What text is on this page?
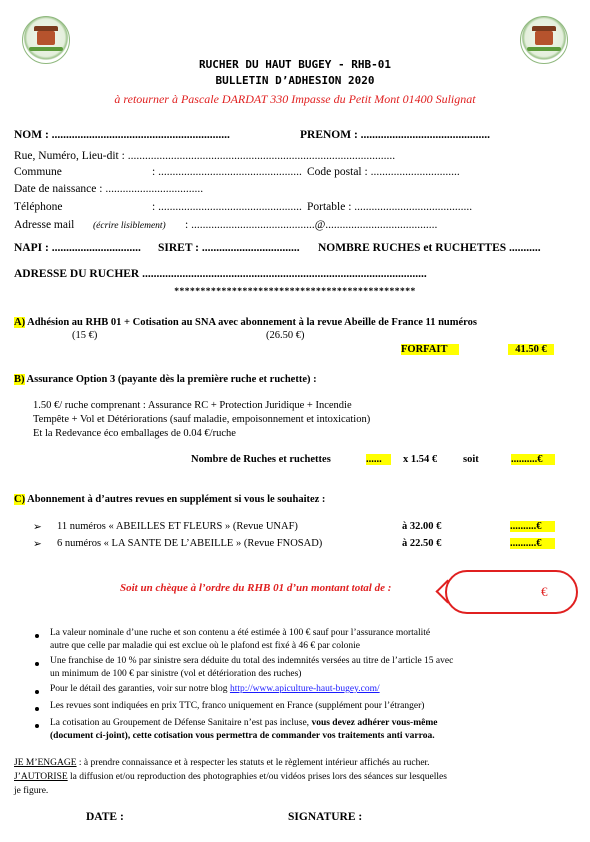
RUCHER DU HAUT BUGEY - RHB-01
BULLETIN D’ADHESION 2020
à retourner à Pascale DARDAT 330 Impasse du Petit Mont 01400 Sulignat
NOM : ..............................................................	PRENOM : .............................................
Rue, Numéro, Lieu-dit : .............................................................................................
Commune	: .................................................. Code postal : ...............................
Date de naissance : ..................................
Téléphone	: .................................................. Portable : .........................................
Adresse mail (écrire lisiblement) : ...........................................@.......................................
NAPI : ............................... SIRET : .................................. NOMBRE RUCHES et RUCHETTES ...........
ADRESSE DU RUCHER ...................................................................................................
**********************************************
A) Adhésion au RHB 01 + Cotisation au SNA avec abonnement à la revue Abeille de France 11 numéros
(15 €)	(26.50 €)
FORFAIT	41.50 €
B) Assurance Option 3 (payante dès la première ruche et ruchette) :
1.50 €/ ruche comprenant : Assurance RC + Protection Juridique + Incendie
Tempête + Vol et Détériorations (sauf maladie, empoisonnement et intoxication)
Et la Redevance éco emballages de 0.04 €/ruche
Nombre de Ruches et ruchettes	......	x 1.54 € soit	..........€
C) Abonnement à d’autres revues en supplément si vous le souhaitez :
➢ 11 numéros « ABEILLES ET FLEURS » (Revue UNAF)	à 32.00 €	..........€
➢ 6 numéros « LA SANTE DE L’ABEILLE » (Revue FNOSAD)	à 22.50 €	..........€
Soit un chèque à l’ordre du RHB 01 d’un montant total de :	€
La valeur nominale d’une ruche et son contenu a été estimée à 100 € sauf pour l’assurance mortalité
autre que celle par maladie qui est exclue où le plafond est fixé à 46 € par colonie
Une franchise de 10 % par sinistre sera déduite du total des indemnités versées au titre de l’article 15 avec
un minimum de 100 € par sinistre (vol et détérioration des ruches)
Pour le détail des garanties, voir sur notre blog http://www.apiculture-haut-bugey.com/
Les revues sont indiquées en prix TTC, franco uniquement en France (supplément pour l’étranger)
La cotisation au Groupement de Défense Sanitaire n’est pas incluse, vous devez adhérer vous-même
(document ci-joint), cette cotisation vous permettra de commander vos traitements anti varroa.
JE M’ENGAGE : à prendre connaissance et à respecter les statuts et le règlement intérieur affichés au rucher.
J’AUTORISE la diffusion et/ou reproduction des photographies et/ou vidéos prises lors des séances sur lesquelles
je figure.
DATE :	SIGNATURE :
